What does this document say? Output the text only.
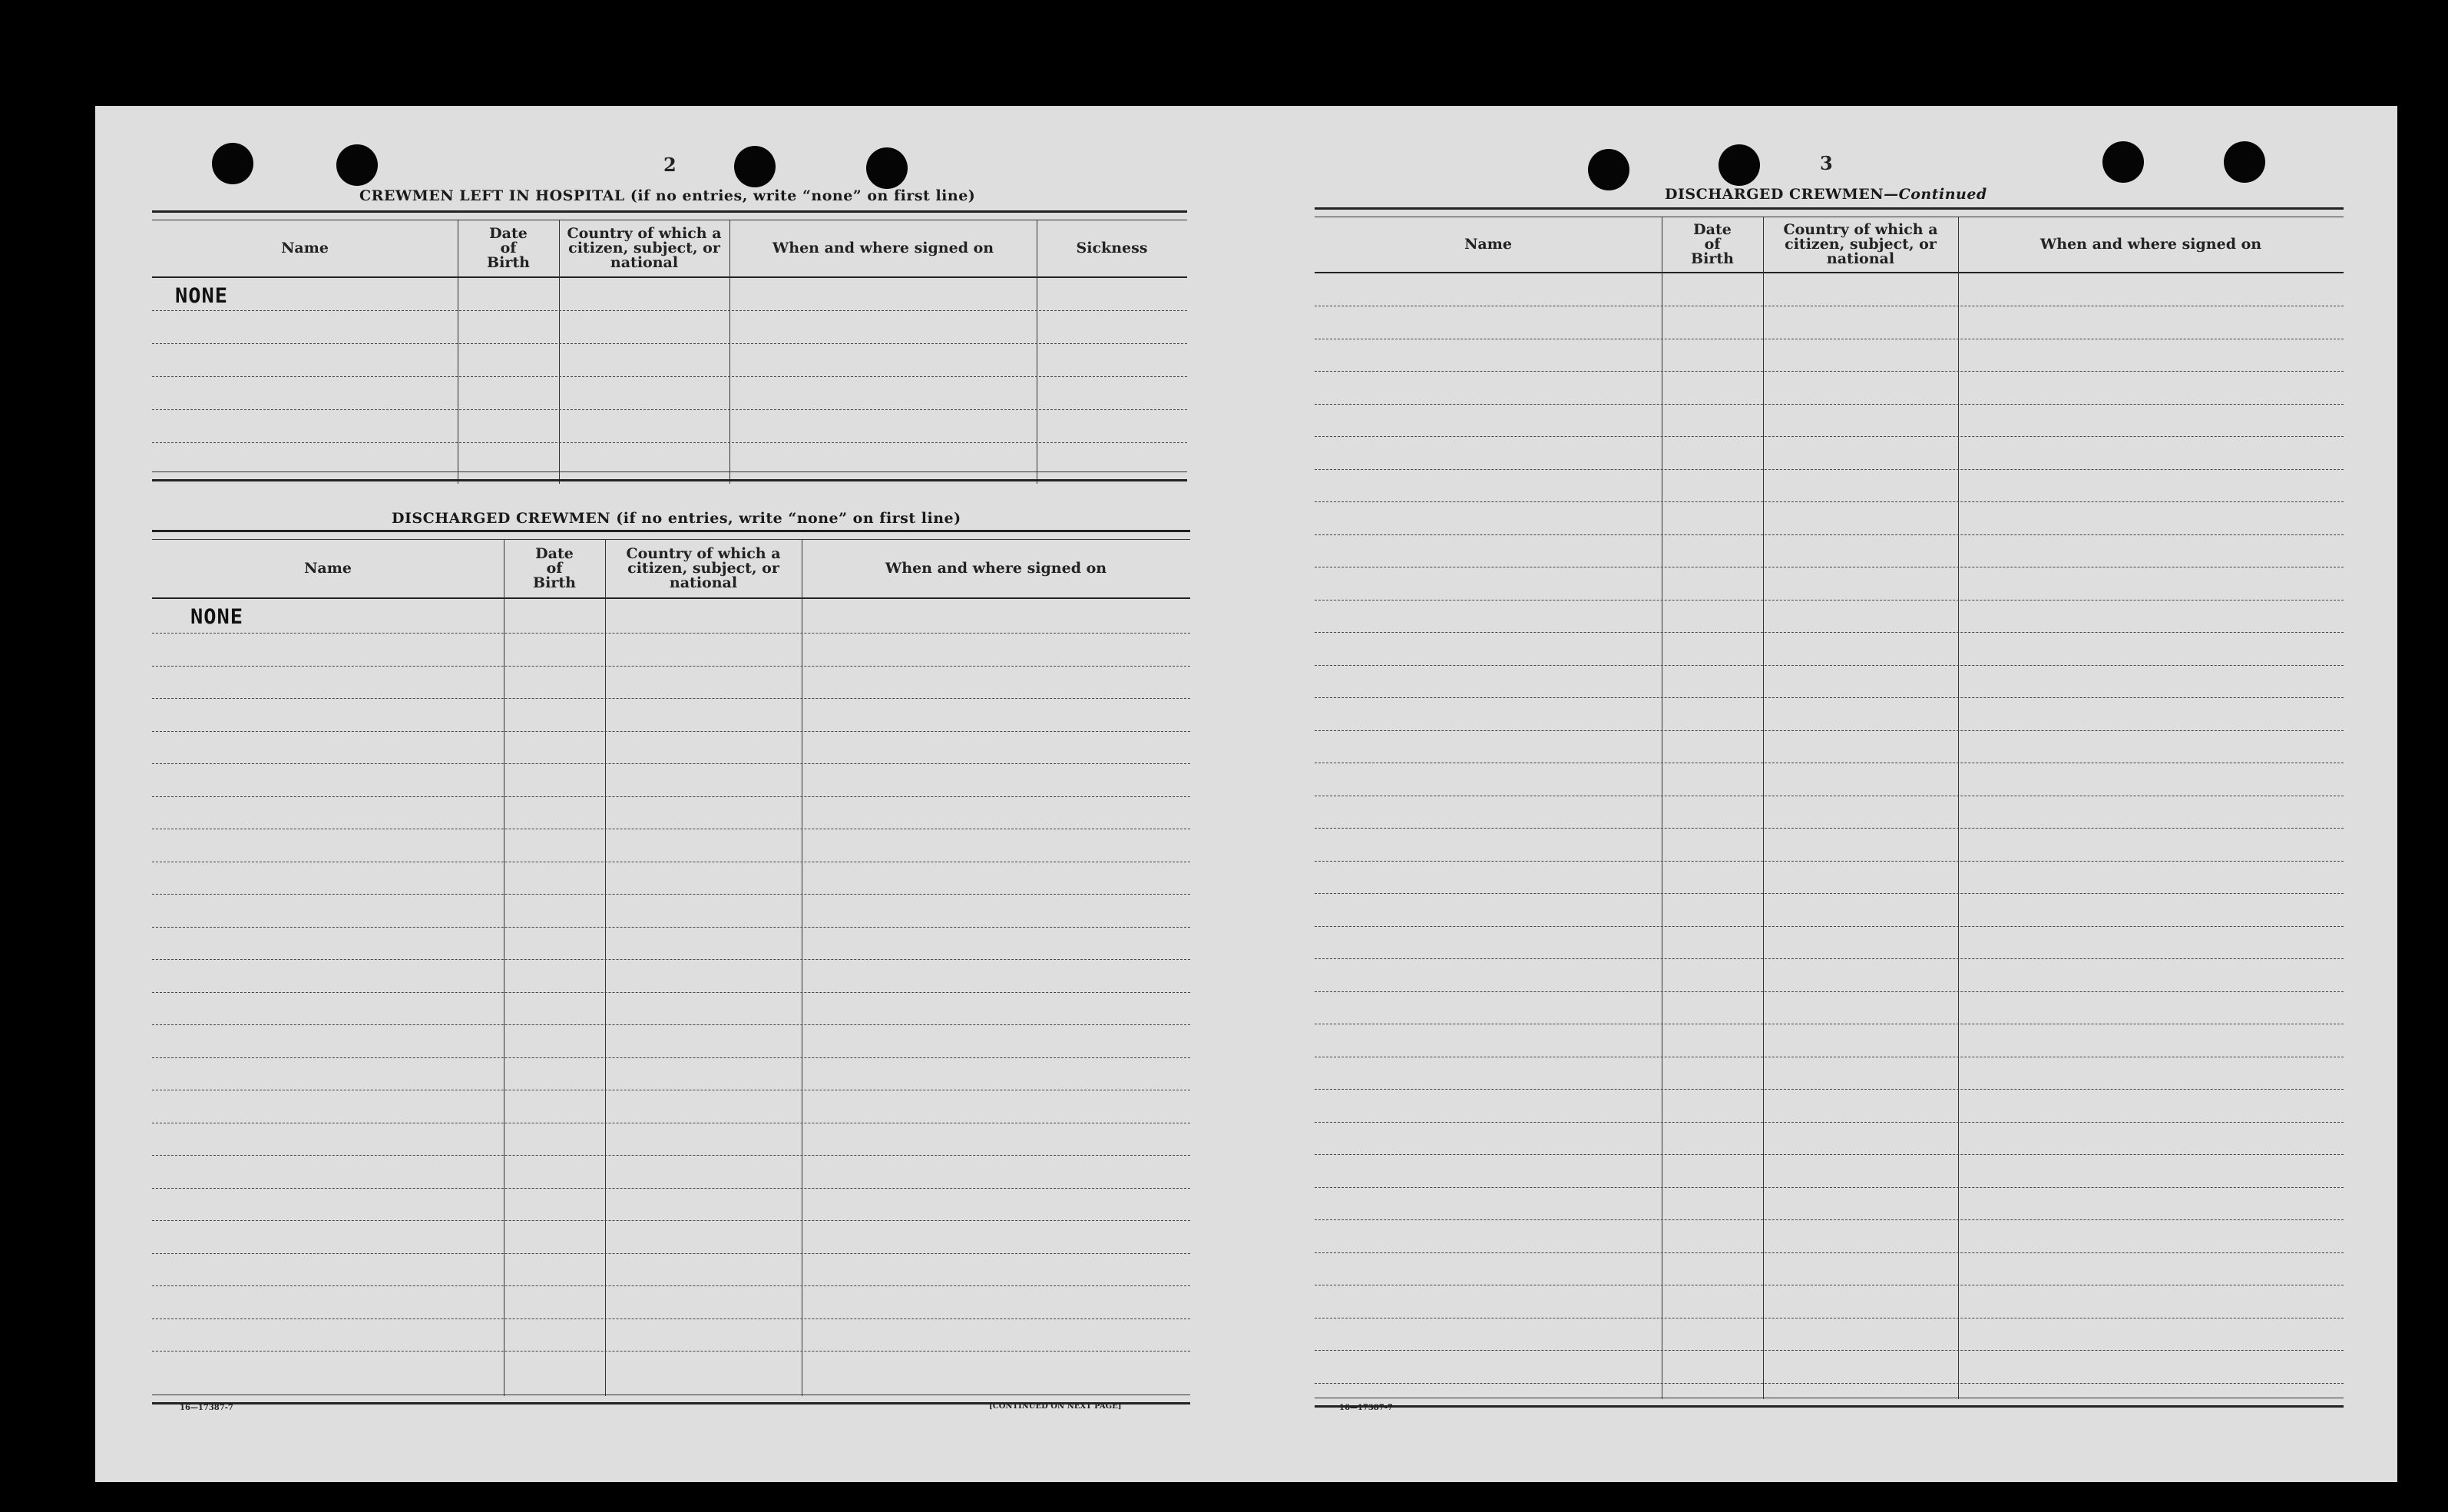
2
CREWMEN LEFT IN HOSPITAL (if no entries, write “none” on first line)
Name
Date of Birth
Country of which a citizen, subject, or national
When and where signed on	Sickness
NONE
DISCHARGED CREWMEN (if no entries, write “none” on first line)
Name
Date of Birth
Country of which a citizen, subject, or national
When and where signed on
NONE
16—17387-7	[CONTINUED ON NEXT PAGE]
3
DISCHARGED CREWMEN—Continued
Name
Date of Birth
Country of which a citizen, subject, or national
When and where signed on
16—17387-7
